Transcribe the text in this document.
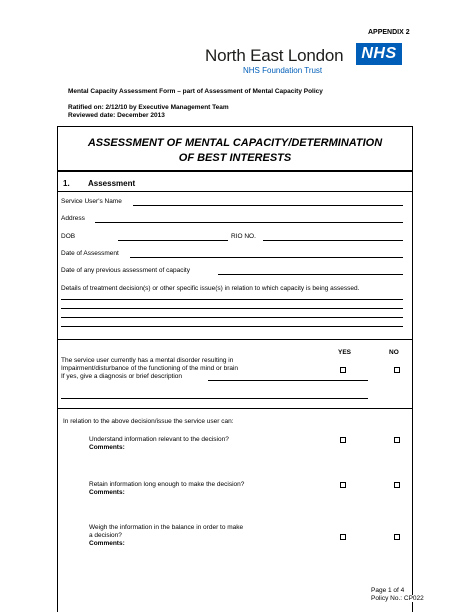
APPENDIX 2
North East London	NHS
NHS Foundation Trust
Mental Capacity Assessment Form – part of Assessment of Mental Capacity Policy
Ratified on: 2/12/10 by Executive Management Team
Reviewed date: December 2013
ASSESSMENT OF MENTAL CAPACITY/DETERMINATION
OF BEST INTERESTS
1. Assessment
Service User's Name
Address
DOB	RIO NO.
Date of Assessment
Date of any previous assessment of capacity
Details of treatment decision(s) or other specific issue(s) in relation to which capacity is being assessed.
YES	NO
The service user currently has a mental disorder resulting in
Impairment/disturbance of the functioning of the mind or brain
If yes, give a diagnosis or brief description
In relation to the above decision/issue the service user can:
Understand information relevant to the decision?
Comments:
Retain information long enough to make the decision?
Comments:
Weigh the information in the balance in order to make
a decision?
Comments:
Page 1 of 4
Policy No.: CP022
